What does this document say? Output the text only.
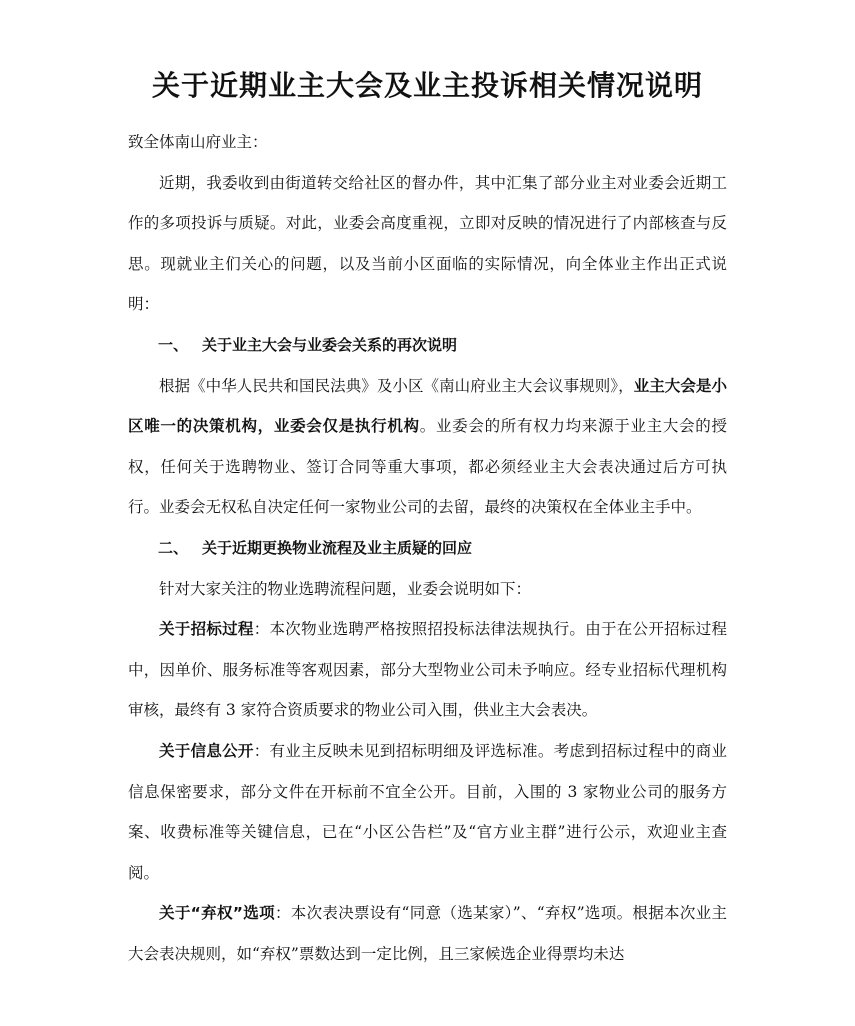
关于近期业主大会及业主投诉相关情况说明

致全体南山府业主：

近期，我委收到由街道转交给社区的督办件，其中汇集了部分业主对业委会近期工作的多项投诉与质疑。对此，业委会高度重视，立即对反映的情况进行了内部核查与反思。现就业主们关心的问题，以及当前小区面临的实际情况，向全体业主作出正式说明：

一、 关于业主大会与业委会关系的再次说明

根据《中华人民共和国民法典》及小区《南山府业主大会议事规则》，业主大会是小区唯一的决策机构，业委会仅是执行机构。业委会的所有权力均来源于业主大会的授权，任何关于选聘物业、签订合同等重大事项，都必须经业主大会表决通过后方可执行。业委会无权私自决定任何一家物业公司的去留，最终的决策权在全体业主手中。

二、 关于近期更换物业流程及业主质疑的回应

针对大家关注的物业选聘流程问题，业委会说明如下：

关于招标过程：本次物业选聘严格按照招投标法律法规执行。由于在公开招标过程中，因单价、服务标准等客观因素，部分大型物业公司未予响应。经专业招标代理机构审核，最终有 3 家符合资质要求的物业公司入围，供业主大会表决。

关于信息公开：有业主反映未见到招标明细及评选标准。考虑到招标过程中的商业信息保密要求，部分文件在开标前不宜全公开。目前，入围的 3 家物业公司的服务方案、收费标准等关键信息，已在“小区公告栏”及“官方业主群”进行公示，欢迎业主查阅。

关于“弃权”选项：本次表决票设有“同意（选某家）”、“弃权”选项。根据本次业主大会表决规则，如“弃权”票数达到一定比例，且三家候选企业得票均未达
